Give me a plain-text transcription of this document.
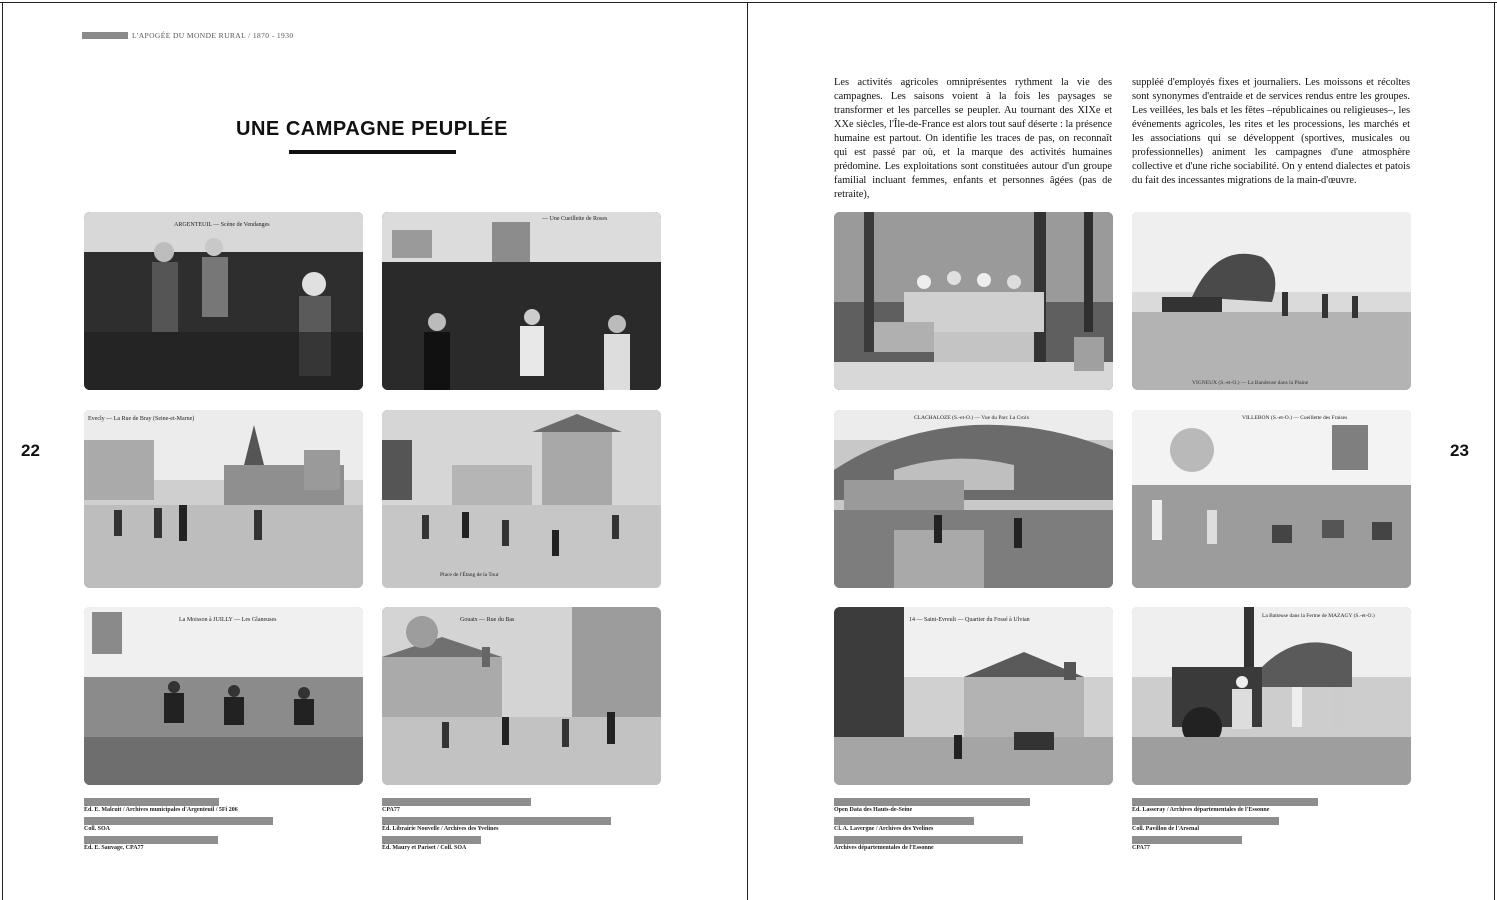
L'APOGÉE DU MONDE RURAL / 1870 - 1930
UNE CAMPAGNE PEUPLÉE
22	23
Les activités agricoles omniprésentes rythment la vie des campagnes. Les saisons voient à la fois les paysages se transformer et les parcelles se peupler. Au tournant des XIXe et XXe siècles, l'Île-de-France est alors tout sauf déserte : la présence humaine est partout. On identifie les traces de pas, on reconnaît qui est passé par où, et la marque des activités humaines prédomine. Les exploitations sont constituées autour d'un groupe familial incluant femmes, enfants et personnes âgées (pas de retraite),
suppléé d'employés fixes et journaliers. Les moissons et récoltes sont synonymes d'entraide et de services rendus entre les groupes. Les veillées, les bals et les fêtes –républicaines ou religieuses–, les événements agricoles, les rites et les processions, les marchés et les associations qui se développent (sportives, musicales ou professionnelles) animent les campagnes d'une atmosphère collective et d'une riche sociabilité. On y entend dialectes et patois du fait des incessantes migrations de la main-d'œuvre.
ARGENTEUIL — Scène de Vendanges
— Une Cueillette de Roses
Evecly — La Rue de Bray (Seine-et-Marne)
Place de l'Étang de la Tour
La Moisson à JUILLY — Les Glaneuses	Gouaix — Rue du Bas
VIGNEUX (S.-et-O.) — La Bandeuse dans la Plaine
CLACHALOZE (S.-et-O.) — Vue du Parc La Croix	VILLEBON (S.-et-O.) — Cueillette des Fraises
14 — Saint-Evreult — Quartier du Fossé à Ulvian
La Batteuse dans la Ferme de MAZAGY (S.-et-O.)
Éd. E. Malcuit / Archives municipales d'Argenteuil / 5Fi 206
Coll. SOA
Éd. E. Sauvage, CPA77
CPA77
Éd. Librairie Nouvelle / Archives des Yvelines
Éd. Maury et Pariset / Coll. SOA
Open Data des Hauts-de-Seine
Cl. A. Lavergne / Archives des Yvelines
Archives départementales de l'Essonne
Éd. Lasseray / Archives départementales de l'Essonne
Coll. Pavillon de l'Arsenal
CPA77
